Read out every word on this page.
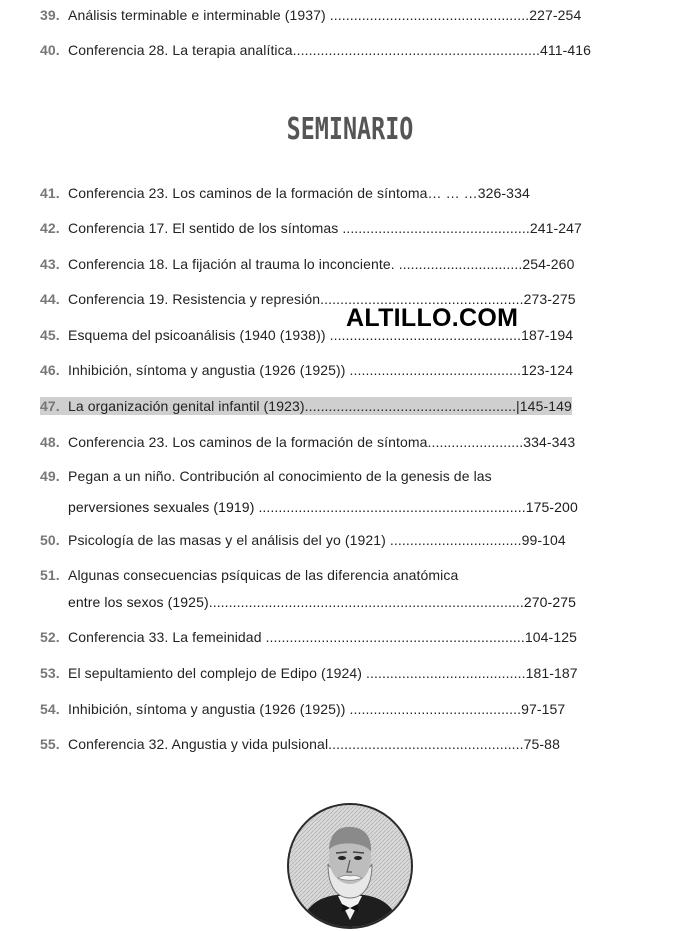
39. Análisis terminable e interminable (1937) ..................................................227-254
40. Conferencia 28. La terapia analítica..............................................................411-416
SEMINARIO
41. Conferencia 23. Los caminos de la formación de síntoma… … …326-334
42. Conferencia 17. El sentido de los síntomas ...............................................241-247
43. Conferencia 18. La fijación al trauma lo inconciente. ...............................254-260
44. Conferencia 19. Resistencia y represión...................................................273-275
45. Esquema del psicoanálisis (1940 (1938)) ................................................187-194
46. Inhibición, síntoma y angustia (1926 (1925)) ...........................................123-124
47. La organización genital infantil (1923).....................................................|145-149
48. Conferencia 23. Los caminos de la formación de síntoma........................334-343
49. Pegan a un niño. Contribución al conocimiento de la genesis de las
perversiones sexuales (1919) ...................................................................175-200
50. Psicología de las masas y el análisis del yo (1921) .................................99-104
51. Algunas consecuencias psíquicas de las diferencia anatómica
entre los sexos (1925)...............................................................................270-275
52. Conferencia 33. La femeinidad .................................................................104-125
53. El sepultamiento del complejo de Edipo (1924) ........................................181-187
54. Inhibición, síntoma y angustia (1926 (1925)) ...........................................97-157
55. Conferencia 32. Angustia y vida pulsional.................................................75-88
ALTILLO.COM
